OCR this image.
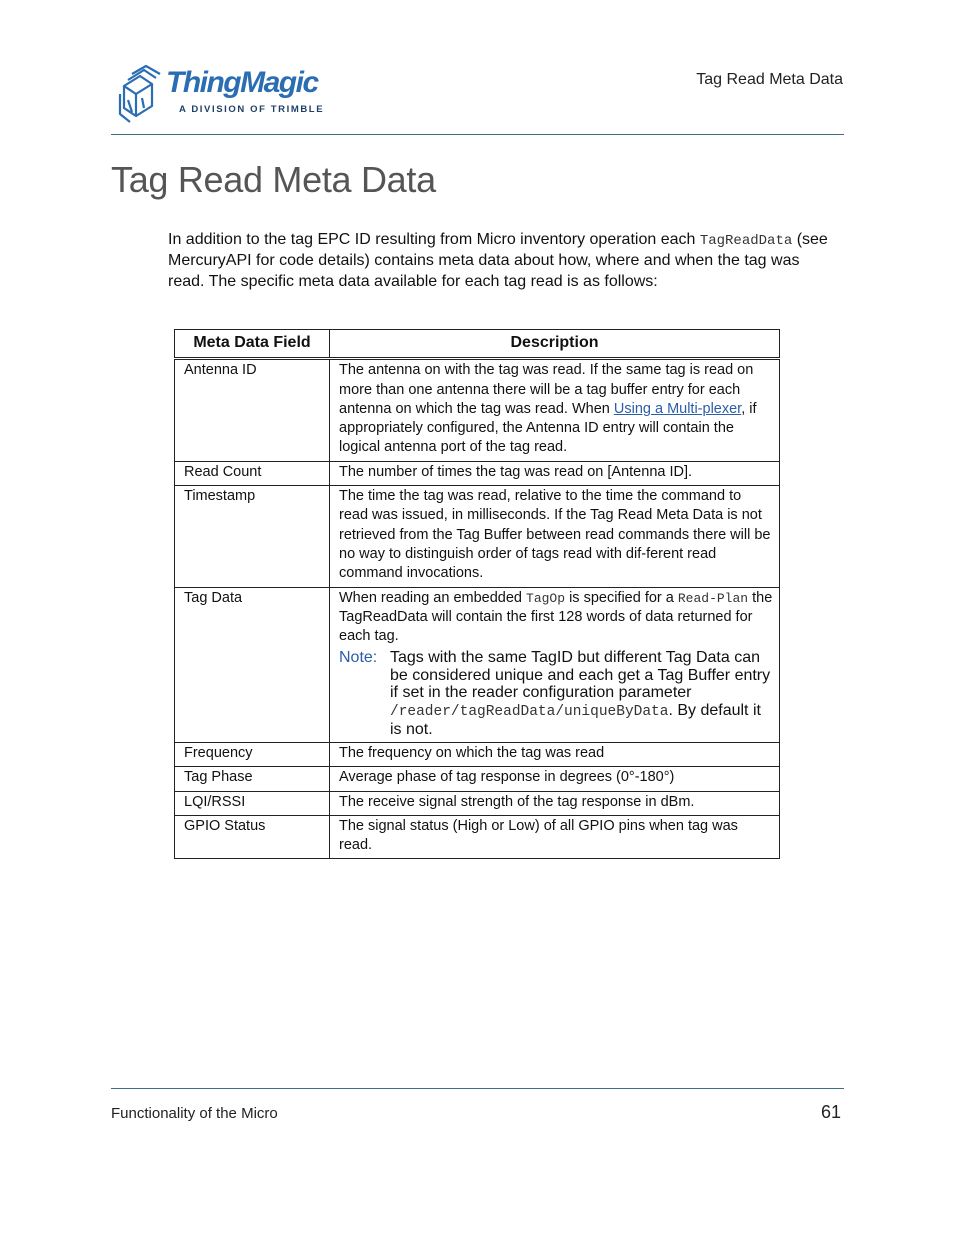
ThingMagic
A DIVISION OF TRIMBLE
Tag Read Meta Data
Tag Read Meta Data

In addition to the tag EPC ID resulting from Micro inventory operation each TagReadData (see MercuryAPI for code details) contains meta data about how, where and when the tag was read. The specific meta data available for each tag read is as follows:

Meta Data Field	Description
Antenna ID	The antenna on with the tag was read. If the same tag is read on more than one antenna there will be a tag buffer entry for each antenna on which the tag was read. When Using a Multi-plexer, if appropriately configured, the Antenna ID entry will contain the logical antenna port of the tag read.
Read Count	The number of times the tag was read on [Antenna ID].
Timestamp	The time the tag was read, relative to the time the command to read was issued, in milliseconds. If the Tag Read Meta Data is not retrieved from the Tag Buffer between read commands there will be no way to distinguish order of tags read with dif-ferent read command invocations.
Tag Data	When reading an embedded TagOp is specified for a Read-Plan the TagReadData will contain the first 128 words of data returned for each tag.
Note: Tags with the same TagID but different Tag Data can be considered unique and each get a Tag Buffer entry if set in the reader configuration parameter /reader/tagReadData/uniqueByData. By default it is not.

Frequency	The frequency on which the tag was read
Tag Phase	Average phase of tag response in degrees (0°-180°)
LQI/RSSI	The receive signal strength of the tag response in dBm.
GPIO Status	The signal status (High or Low) of all GPIO pins when tag was read.
Functionality of the Micro	61
